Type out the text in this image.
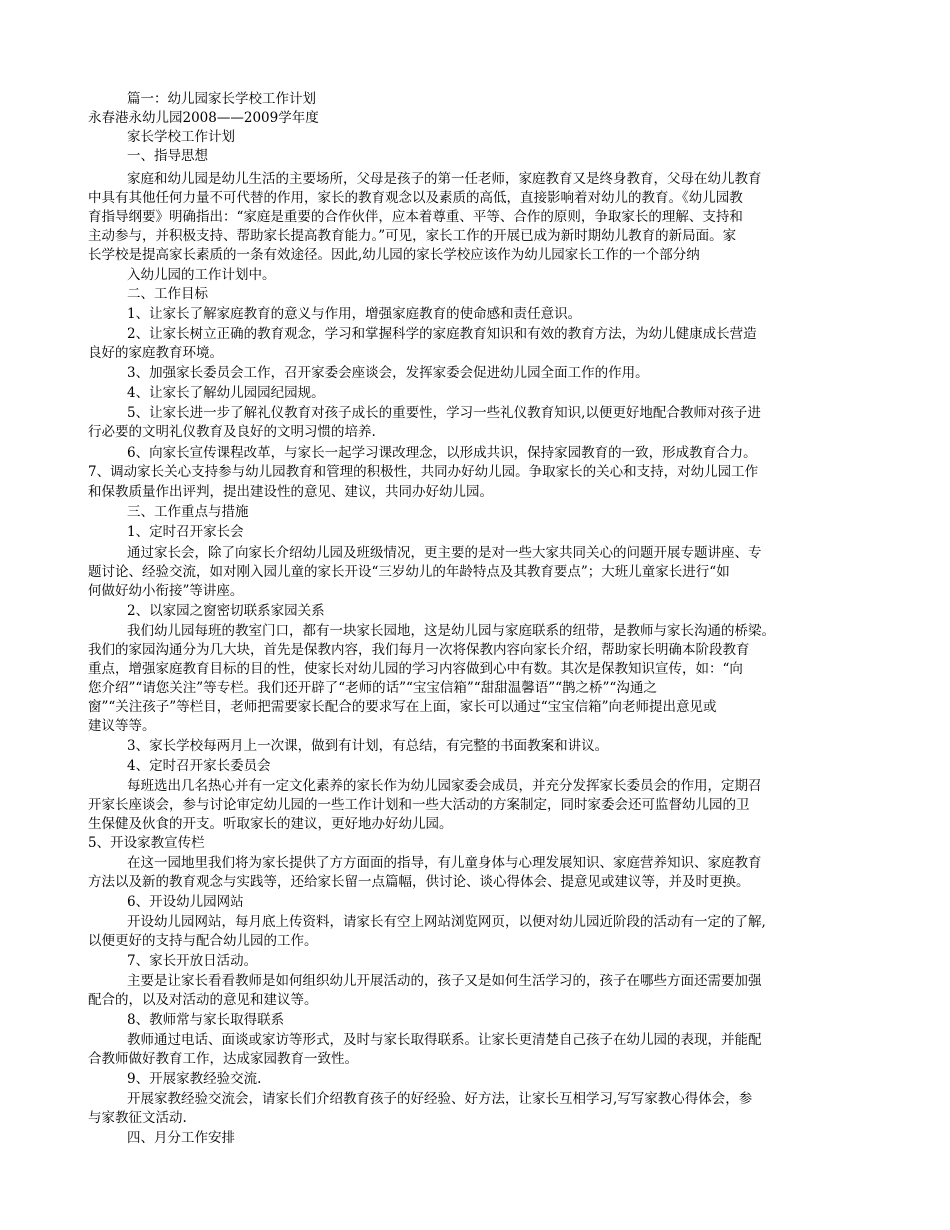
篇一：幼儿园家长学校工作计划
永春港永幼儿园2008——2009学年度
家长学校工作计划
一、指导思想
家庭和幼儿园是幼儿生活的主要场所，父母是孩子的第一任老师，家庭教育又是终身教育，父母在幼儿教育
中具有其他任何力量不可代替的作用，家长的教育观念以及素质的高低，直接影响着对幼儿的教育。《幼儿园教
育指导纲要》明确指出：“家庭是重要的合作伙伴，应本着尊重、平等、合作的原则，争取家长的理解、支持和
主动参与，并积极支持、帮助家长提高教育能力。”可见，家长工作的开展已成为新时期幼儿教育的新局面。家
长学校是提高家长素质的一条有效途径。因此,幼儿园的家长学校应该作为幼儿园家长工作的一个部分纳
入幼儿园的工作计划中。
二、工作目标
1、让家长了解家庭教育的意义与作用，增强家庭教育的使命感和责任意识。
2、让家长树立正确的教育观念，学习和掌握科学的家庭教育知识和有效的教育方法，为幼儿健康成长营造
良好的家庭教育环境。
3、加强家长委员会工作，召开家委会座谈会，发挥家委会促进幼儿园全面工作的作用。
4、让家长了解幼儿园园纪园规。
5、让家长进一步了解礼仪教育对孩子成长的重要性，学习一些礼仪教育知识,以便更好地配合教师对孩子进
行必要的文明礼仪教育及良好的文明习惯的培养.
6、向家长宣传课程改革，与家长一起学习课改理念，以形成共识，保持家园教育的一致，形成教育合力。
7、调动家长关心支持参与幼儿园教育和管理的积极性，共同办好幼儿园。争取家长的关心和支持，对幼儿园工作
和保教质量作出评判，提出建设性的意见、建议，共同办好幼儿园。
三、工作重点与措施
1、定时召开家长会
通过家长会，除了向家长介绍幼儿园及班级情况，更主要的是对一些大家共同关心的问题开展专题讲座、专
题讨论、经验交流，如对刚入园儿童的家长开设“三岁幼儿的年龄特点及其教育要点”；大班儿童家长进行“如
何做好幼小衔接”等讲座。
2、以家园之窗密切联系家园关系
我们幼儿园每班的教室门口，都有一块家长园地，这是幼儿园与家庭联系的纽带，是教师与家长沟通的桥梁。
我们的家园沟通分为几大块，首先是保教内容，我们每月一次将保教内容向家长介绍，帮助家长明确本阶段教育
重点，增强家庭教育目标的目的性，使家长对幼儿园的学习内容做到心中有数。其次是保教知识宣传，如：“向
您介绍”“请您关注”等专栏。我们还开辟了“老师的话”“宝宝信箱”“甜甜温馨语”“鹊之桥”“沟通之
窗”“关注孩子”等栏目，老师把需要家长配合的要求写在上面，家长可以通过“宝宝信箱”向老师提出意见或
建议等等。
3、家长学校每两月上一次课，做到有计划，有总结，有完整的书面教案和讲议。
4、定时召开家长委员会
每班选出几名热心并有一定文化素养的家长作为幼儿园家委会成员，并充分发挥家长委员会的作用，定期召
开家长座谈会，参与讨论审定幼儿园的一些工作计划和一些大活动的方案制定，同时家委会还可监督幼儿园的卫
生保健及伙食的开支。听取家长的建议，更好地办好幼儿园。
5、开设家教宣传栏
在这一园地里我们将为家长提供了方方面面的指导，有儿童身体与心理发展知识、家庭营养知识、家庭教育
方法以及新的教育观念与实践等，还给家长留一点篇幅，供讨论、谈心得体会、提意见或建议等，并及时更换。
6、开设幼儿园网站
开设幼儿园网站，每月底上传资料，请家长有空上网站浏览网页，以便对幼儿园近阶段的活动有一定的了解,
以便更好的支持与配合幼儿园的工作。
7、家长开放日活动。
主要是让家长看看教师是如何组织幼儿开展活动的，孩子又是如何生活学习的，孩子在哪些方面还需要加强
配合的，以及对活动的意见和建议等。
8、教师常与家长取得联系
教师通过电话、面谈或家访等形式，及时与家长取得联系。让家长更清楚自己孩子在幼儿园的表现，并能配
合教师做好教育工作，达成家园教育一致性。
9、开展家教经验交流.
开展家教经验交流会，请家长们介绍教育孩子的好经验、好方法，让家长互相学习,写写家教心得体会，参
与家教征文活动.
四、月分工作安排
